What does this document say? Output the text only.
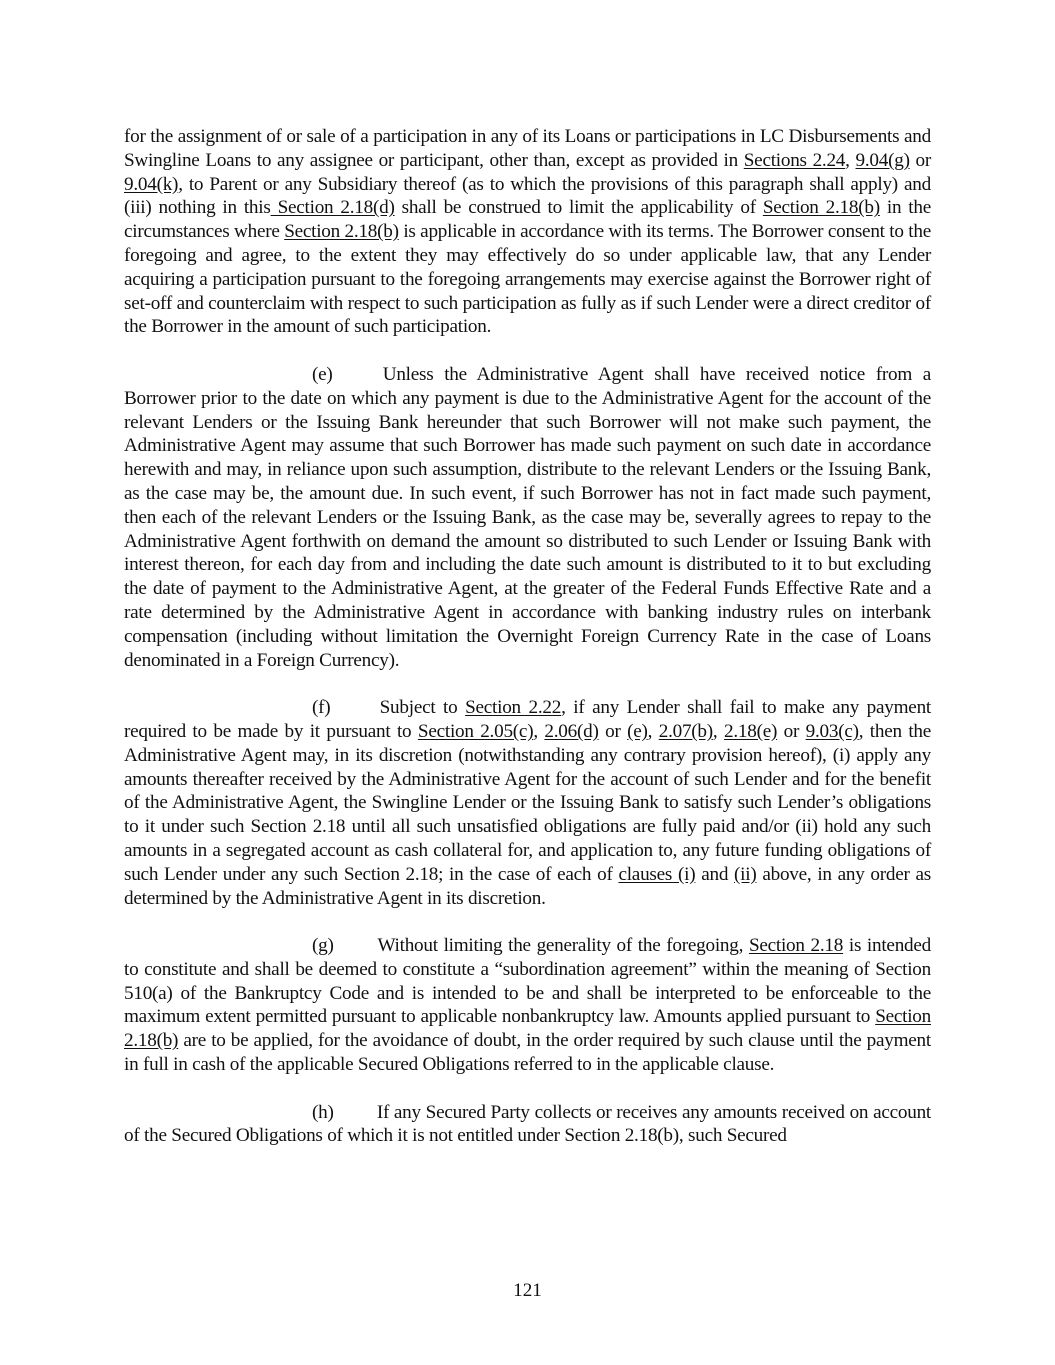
for the assignment of or sale of a participation in any of its Loans or participations in LC Disbursements and Swingline Loans to any assignee or participant, other than, except as provided in Sections 2.24, 9.04(g) or 9.04(k), to Parent or any Subsidiary thereof (as to which the provisions of this paragraph shall apply) and (iii) nothing in this Section 2.18(d) shall be construed to limit the applicability of Section 2.18(b) in the circumstances where Section 2.18(b) is applicable in accordance with its terms. The Borrower consent to the foregoing and agree, to the extent they may effectively do so under applicable law, that any Lender acquiring a participation pursuant to the foregoing arrangements may exercise against the Borrower right of set-off and counterclaim with respect to such participation as fully as if such Lender were a direct creditor of the Borrower in the amount of such participation.

(e)	Unless the Administrative Agent shall have received notice from a Borrower prior to the date on which any payment is due to the Administrative Agent for the account of the relevant Lenders or the Issuing Bank hereunder that such Borrower will not make such payment, the Administrative Agent may assume that such Borrower has made such payment on such date in accordance herewith and may, in reliance upon such assumption, distribute to the relevant Lenders or the Issuing Bank, as the case may be, the amount due. In such event, if such Borrower has not in fact made such payment, then each of the relevant Lenders or the Issuing Bank, as the case may be, severally agrees to repay to the Administrative Agent forthwith on demand the amount so distributed to such Lender or Issuing Bank with interest thereon, for each day from and including the date such amount is distributed to it to but excluding the date of payment to the Administrative Agent, at the greater of the Federal Funds Effective Rate and a rate determined by the Administrative Agent in accordance with banking industry rules on interbank compensation (including without limitation the Overnight Foreign Currency Rate in the case of Loans denominated in a Foreign Currency).

(f)	Subject to Section 2.22, if any Lender shall fail to make any payment required to be made by it pursuant to Section 2.05(c), 2.06(d) or (e), 2.07(b), 2.18(e) or 9.03(c), then the Administrative Agent may, in its discretion (notwithstanding any contrary provision hereof), (i) apply any amounts thereafter received by the Administrative Agent for the account of such Lender and for the benefit of the Administrative Agent, the Swingline Lender or the Issuing Bank to satisfy such Lender’s obligations to it under such Section 2.18 until all such unsatisfied obligations are fully paid and/or (ii) hold any such amounts in a segregated account as cash collateral for, and application to, any future funding obligations of such Lender under any such Section 2.18; in the case of each of clauses (i) and (ii) above, in any order as determined by the Administrative Agent in its discretion.

(g) Without limiting the generality of the foregoing, Section 2.18 is intended to constitute and shall be deemed to constitute a “subordination agreement” within the meaning of Section 510(a) of the Bankruptcy Code and is intended to be and shall be interpreted to be enforceable to the maximum extent permitted pursuant to applicable nonbankruptcy law. Amounts applied pursuant to Section 2.18(b) are to be applied, for the avoidance of doubt, in the order required by such clause until the payment in full in cash of the applicable Secured Obligations referred to in the applicable clause.

(h) If any Secured Party collects or receives any amounts received on account of the Secured Obligations of which it is not entitled under Section 2.18(b), such Secured

121
